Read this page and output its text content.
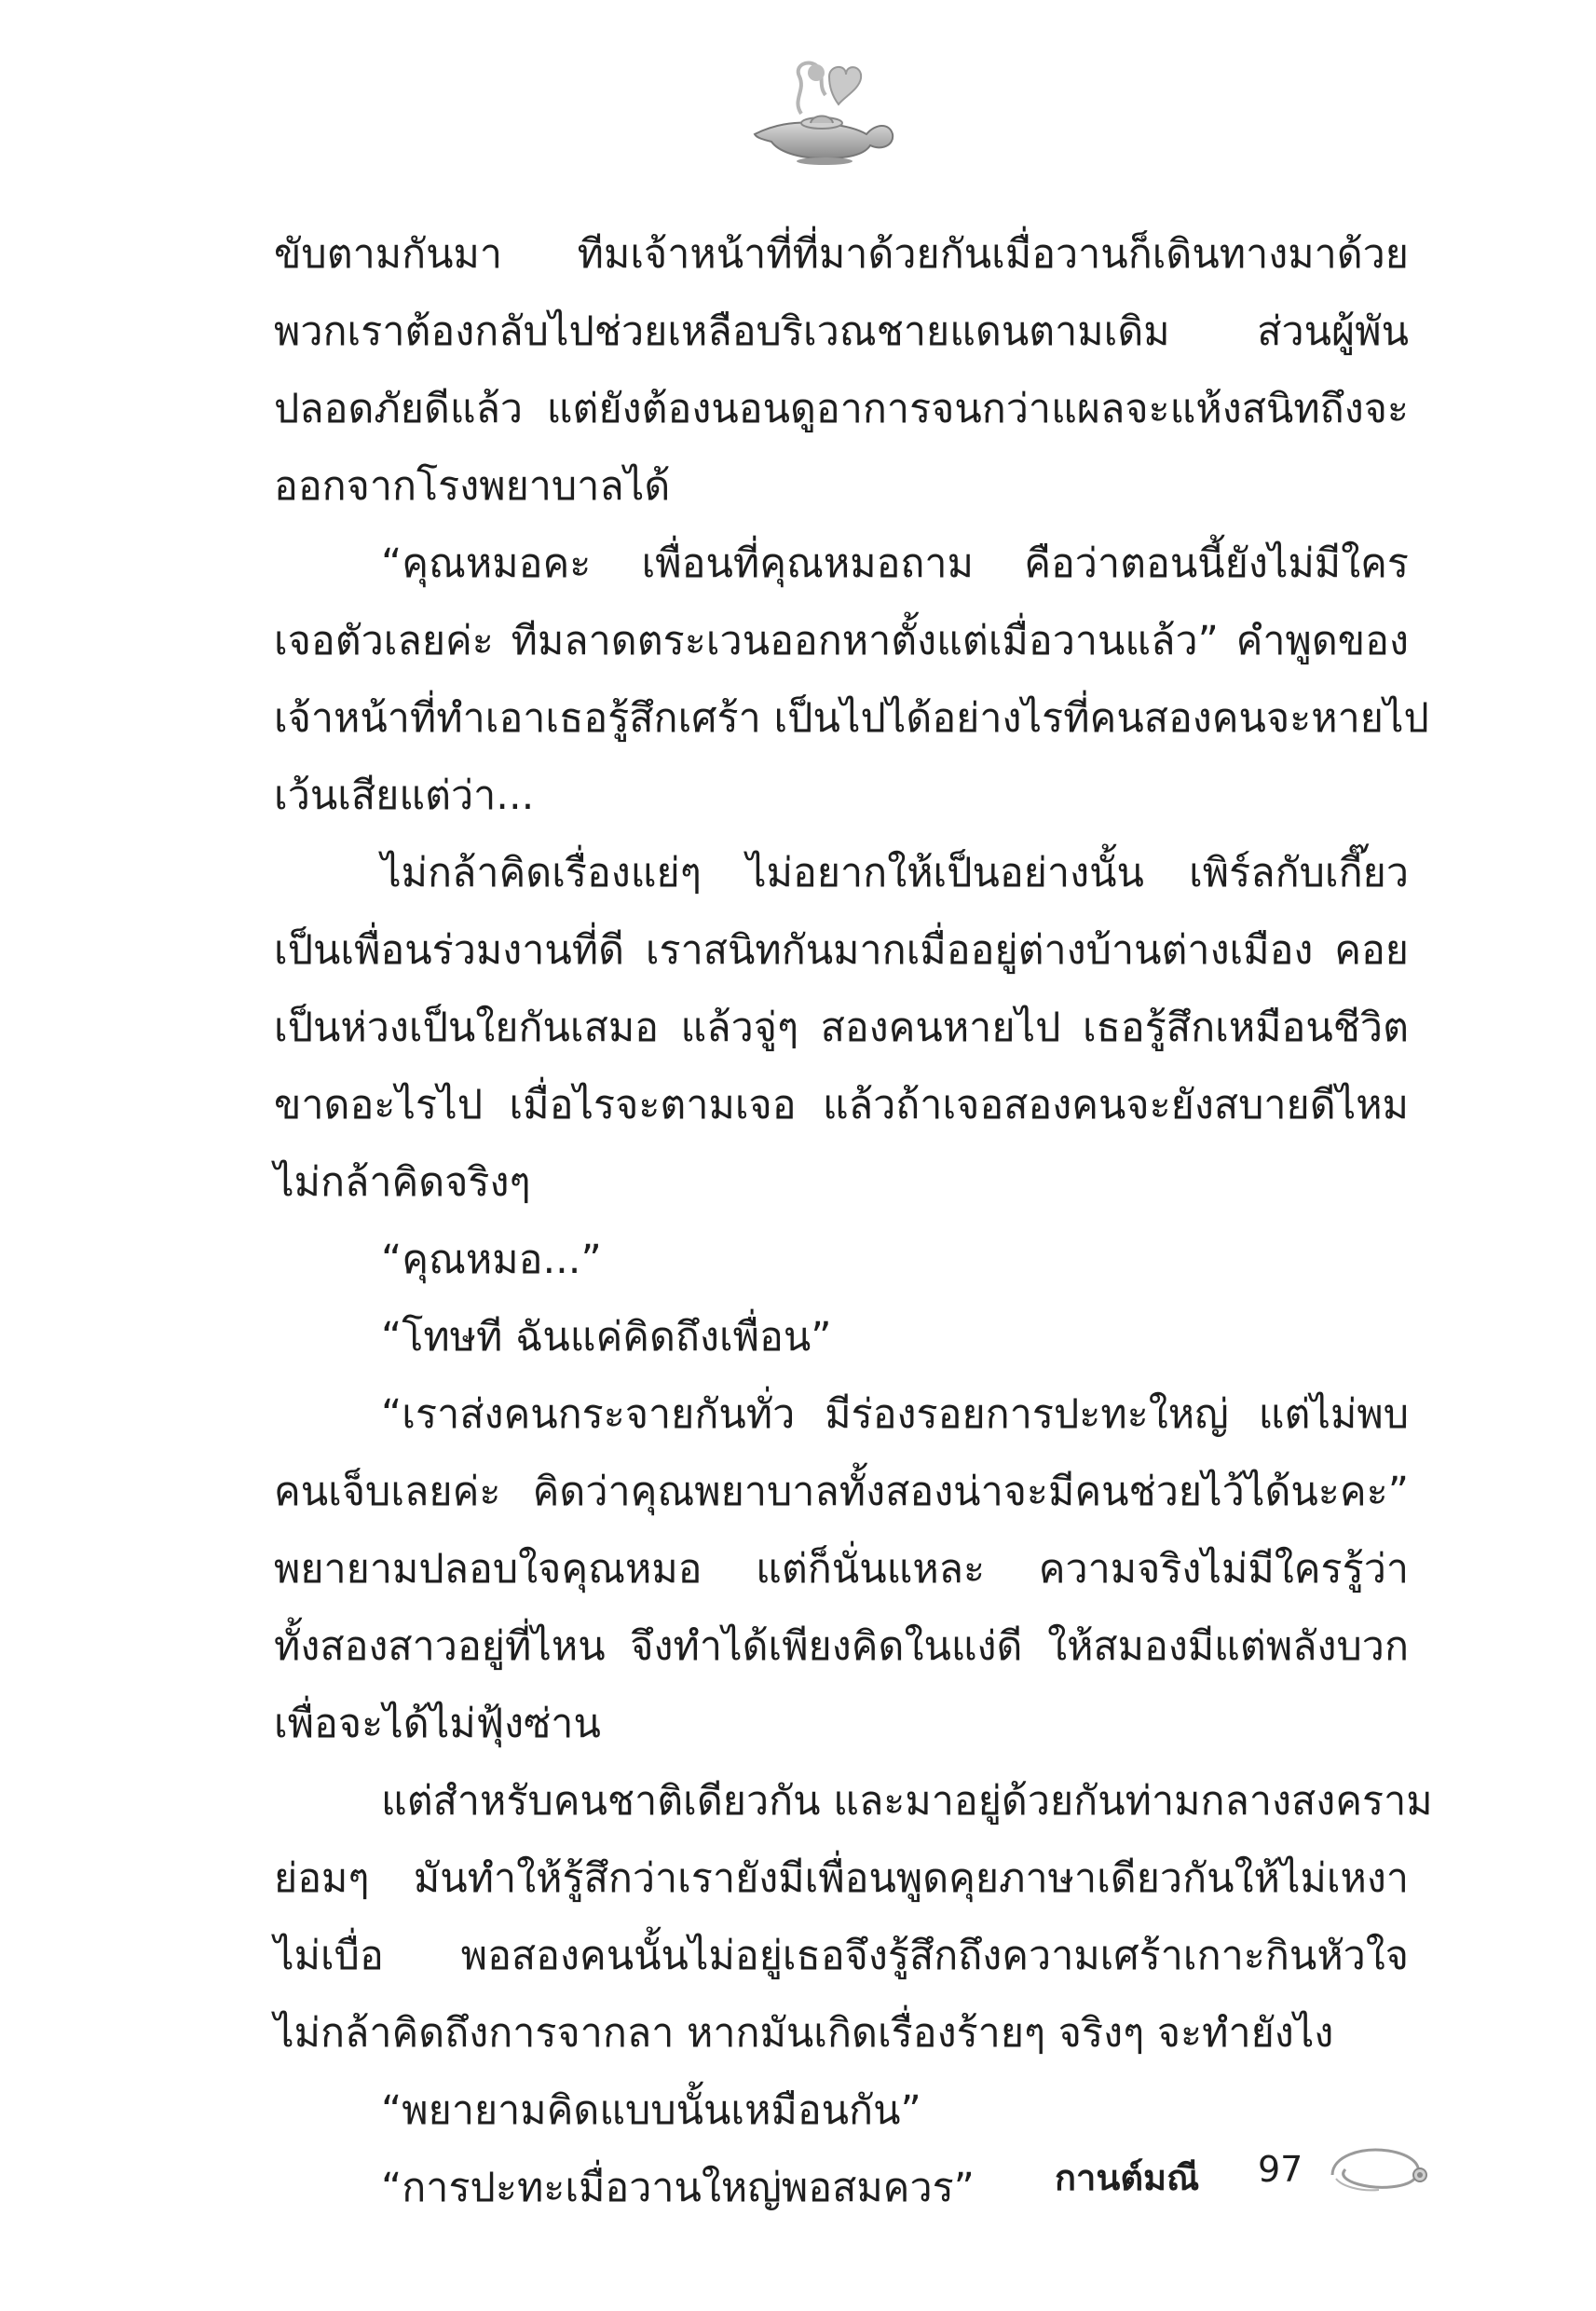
ขับตามกันมา ทีมเจ้าหน้าที่ที่มาด้วยกันเมื่อวานก็เดินทางมาด้วย
พวกเราต้องกลับไปช่วยเหลือบริเวณชายแดนตามเดิม ส่วนผู้พัน
ปลอดภัยดีแล้ว แต่ยังต้องนอนดูอาการจนกว่าแผลจะแห้งสนิทถึงจะ
ออกจากโรงพยาบาลได้
“คุณหมอคะ เพื่อนที่คุณหมอถาม คือว่าตอนนี้ยังไม่มีใคร
เจอตัวเลยค่ะ ทีมลาดตระเวนออกหาตั้งแต่เมื่อวานแล้ว” คำพูดของ
เจ้าหน้าที่ทำเอาเธอรู้สึกเศร้า เป็นไปได้อย่างไรที่คนสองคนจะหายไป
เว้นเสียแต่ว่า...
ไม่กล้าคิดเรื่องแย่ๆ ไม่อยากให้เป็นอย่างนั้น เพิร์ลกับเกี๊ยว
เป็นเพื่อนร่วมงานที่ดี เราสนิทกันมากเมื่ออยู่ต่างบ้านต่างเมือง คอย
เป็นห่วงเป็นใยกันเสมอ แล้วจู่ๆ สองคนหายไป เธอรู้สึกเหมือนชีวิต
ขาดอะไรไป เมื่อไรจะตามเจอ แล้วถ้าเจอสองคนจะยังสบายดีไหม
ไม่กล้าคิดจริงๆ
“คุณหมอ...”
“โทษที ฉันแค่คิดถึงเพื่อน”
“เราส่งคนกระจายกันทั่ว มีร่องรอยการปะทะใหญ่ แต่ไม่พบ
คนเจ็บเลยค่ะ คิดว่าคุณพยาบาลทั้งสองน่าจะมีคนช่วยไว้ได้นะคะ”
พยายามปลอบใจคุณหมอ แต่ก็นั่นแหละ ความจริงไม่มีใครรู้ว่า
ทั้งสองสาวอยู่ที่ไหน จึงทำได้เพียงคิดในแง่ดี ให้สมองมีแต่พลังบวก
เพื่อจะได้ไม่ฟุ้งซ่าน
แต่สำหรับคนชาติเดียวกัน และมาอยู่ด้วยกันท่ามกลางสงคราม
ย่อมๆ มันทำให้รู้สึกว่าเรายังมีเพื่อนพูดคุยภาษาเดียวกันให้ไม่เหงา
ไม่เบื่อ พอสองคนนั้นไม่อยู่เธอจึงรู้สึกถึงความเศร้าเกาะกินหัวใจ
ไม่กล้าคิดถึงการจากลา หากมันเกิดเรื่องร้ายๆ จริงๆ จะทำยังไง
“พยายามคิดแบบนั้นเหมือนกัน”
“การปะทะเมื่อวานใหญ่พอสมควร”	กานต์มณี 97
